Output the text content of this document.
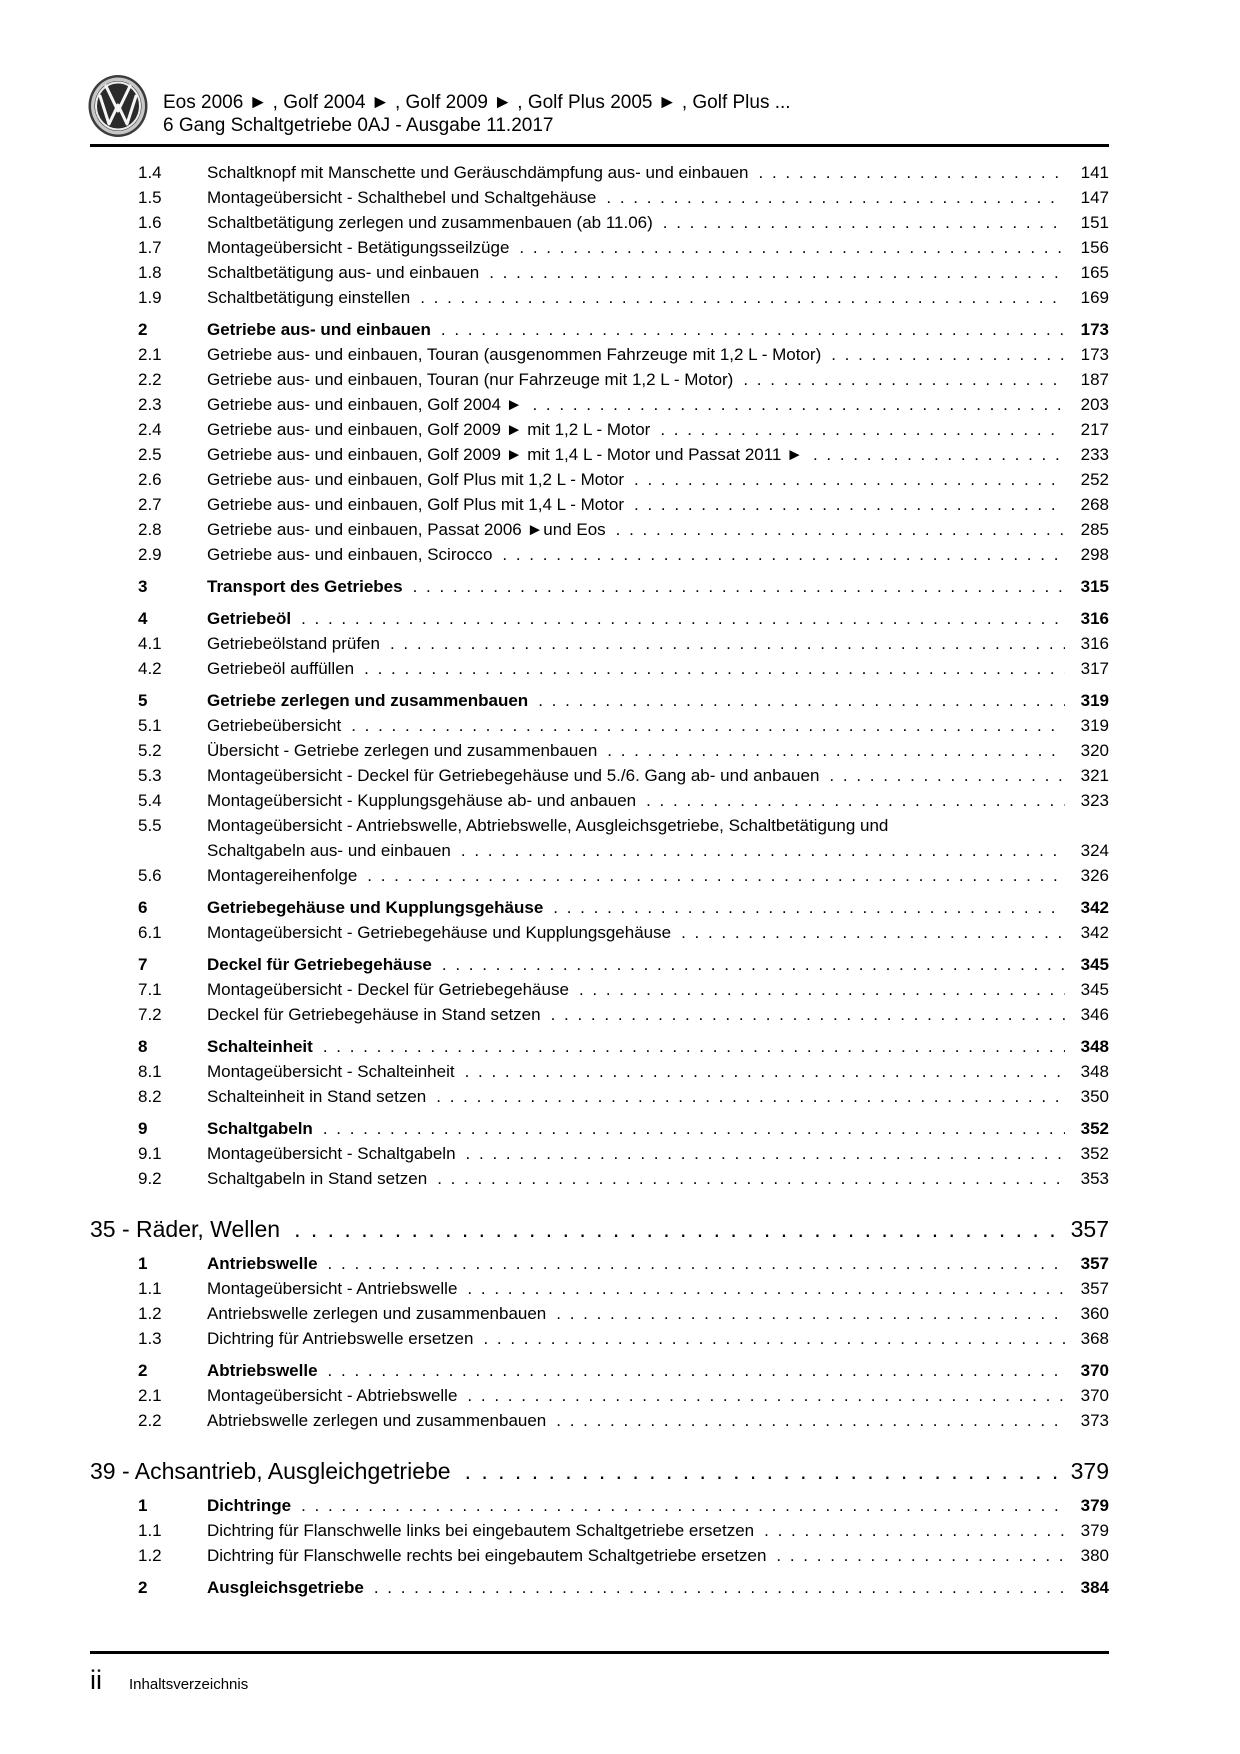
Eos 2006 ► , Golf 2004 ► , Golf 2009 ► , Golf Plus 2005 ► , Golf Plus ...
6 Gang Schaltgetriebe 0AJ - Ausgabe 11.2017
1.4	Schaltknopf mit Manschette und Geräuschdämpfung aus- und einbauen . . .	141
1.5	Montageübersicht - Schalthebel und Schaltgehäuse . . .	147
1.6	Schaltbetätigung zerlegen und zusammenbauen (ab 11.06) . . .	151
1.7	Montageübersicht - Betätigungsseilzüge . . .	156
1.8	Schaltbetätigung aus- und einbauen . . .	165
1.9	Schaltbetätigung einstellen . . .	169
2	Getriebe aus- und einbauen . . .	173
2.1	Getriebe aus- und einbauen, Touran (ausgenommen Fahrzeuge mit 1,2 L - Motor) . . .	173
2.2	Getriebe aus- und einbauen, Touran (nur Fahrzeuge mit 1,2 L - Motor) . . .	187
2.3	Getriebe aus- und einbauen, Golf 2004 ► . . .	203
2.4	Getriebe aus- und einbauen, Golf 2009 ► mit 1,2 L - Motor . . .	217
2.5	Getriebe aus- und einbauen, Golf 2009 ► mit 1,4 L - Motor und Passat 2011 ► . . .	233
2.6	Getriebe aus- und einbauen, Golf Plus mit 1,2 L - Motor . . .	252
2.7	Getriebe aus- und einbauen, Golf Plus mit 1,4 L - Motor . . .	268
2.8	Getriebe aus- und einbauen, Passat 2006 ►und Eos . . .	285
2.9	Getriebe aus- und einbauen, Scirocco . . .	298
3	Transport des Getriebes . . .	315
4	Getriebeöl . . .	316
4.1	Getriebeölstand prüfen . . .	316
4.2	Getriebeöl auffüllen . . .	317
5	Getriebe zerlegen und zusammenbauen . . .	319
5.1	Getriebeübersicht . . .	319
5.2	Übersicht - Getriebe zerlegen und zusammenbauen . . .	320
5.3	Montageübersicht - Deckel für Getriebegehäuse und 5./6. Gang ab- und anbauen . . .	321
5.4	Montageübersicht - Kupplungsgehäuse ab- und anbauen . . .	323
5.5	Montageübersicht - Antriebswelle, Abtriebswelle, Ausgleichsgetriebe, Schaltbetätigung und
Schaltgabeln aus- und einbauen . . .	324
5.6	Montagereihenfolge . . .	326
6	Getriebegehäuse und Kupplungsgehäuse . . .	342
6.1	Montageübersicht - Getriebegehäuse und Kupplungsgehäuse . . .	342
7	Deckel für Getriebegehäuse . . .	345
7.1	Montageübersicht - Deckel für Getriebegehäuse . . .	345
7.2	Deckel für Getriebegehäuse in Stand setzen . . .	346
8	Schalteinheit . . .	348
8.1	Montageübersicht - Schalteinheit . . .	348
8.2	Schalteinheit in Stand setzen . . .	350
9	Schaltgabeln . . .	352
9.1	Montageübersicht - Schaltgabeln . . .	352
9.2	Schaltgabeln in Stand setzen . . .	353
35 - Räder, Wellen . . .	357
1	Antriebswelle . . .	357
1.1	Montageübersicht - Antriebswelle . . .	357
1.2	Antriebswelle zerlegen und zusammenbauen . . .	360
1.3	Dichtring für Antriebswelle ersetzen . . .	368
2	Abtriebswelle . . .	370
2.1	Montageübersicht - Abtriebswelle . . .	370
2.2	Abtriebswelle zerlegen und zusammenbauen . . .	373
39 - Achsantrieb, Ausgleichgetriebe . . .	379
1	Dichtringe . . .	379
1.1	Dichtring für Flanschwelle links bei eingebautem Schaltgetriebe ersetzen . . .	379
1.2	Dichtring für Flanschwelle rechts bei eingebautem Schaltgetriebe ersetzen . . .	380
2	Ausgleichsgetriebe . . .	384
ii Inhaltsverzeichnis
